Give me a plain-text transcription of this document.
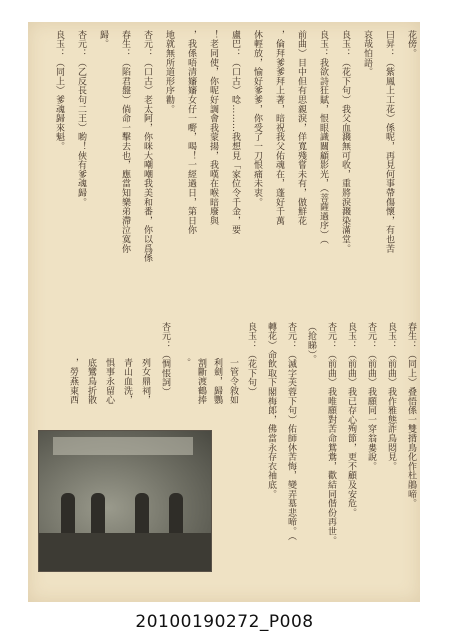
花傍。
曰昇：（紫鳳上工花）係呢，再見何事帶傷懷，有也苦
哀哉怕語。
良玉：（花下句）我父血濺無可收，重將淚濺染滿堂。
良玉：我欲詩狂賦，恨眼識關顧影光，（菩薩過序）（
前曲）目中但有思親淚，佯寬殘嘗未有，倣鮮花
，倫拜爹爹拜上著，暗祝我父佑魂在，蓬好千萬
休輕放，愉好爹爹，你受了一刀恨痛未衷。
盧巴：（口古）唸………我想見「家位令千金，要
！老同使，你呢好調會我蒙揚，我嘆在喉暗廢與
，我係唔清嬸嬸女仔一嘢，喝！一經過日，第日你
地就無所道形序勸。
杏元：（口古）老太阿，你咪大嘲嘲我美和番，你以爲係
春生：（陷君盤）倘命一擊去也，應當知樂弟滯泣寞你
歸。
杏元：（乙反長句二王）喲！俠有爹魂歸。
良玉：（同上）爹魂歸來魁。
春生：（同上）叠悟係一雙揹鳥化作杜鵑啼。
良玉：（前曲）我作雅態詐鳥悶見。
杏元：（前曲）我願同一穿翁婁說。
良玉：（前曲）我已存心殉節，更不顧及安危。
杏元：（前曲）我唯願對苦命鴛鴦，歡結同偕份再世。
（抢睇）。
杏元：（滅字芙蓉下句）佑師休苦悔，變弄墓悲啼。（
轉花）命飲取下閣梅郎，佛當永存衣袖底。
良玉：（花下句）
一管令敘如
利劍，歸鸚
割斷渡鶴捧
。
杏元：（惆悵詞）
列女鼎祠，
青山血洗，
惧事永留心
底鸞鳥折散
，勞燕東西
20100190272_P008
